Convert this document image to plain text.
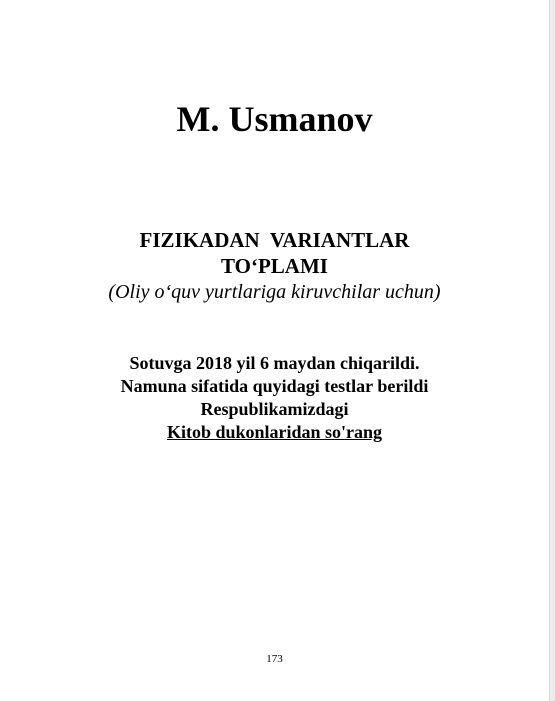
M. Usmanov
FIZIKADAN  VARIANTLAR
TO‘PLAMI
(Oliy o‘quv yurtlariga kiruvchilar uchun)
Sotuvga 2018 yil 6 maydan chiqarildi.
Namuna sifatida quyidagi testlar berildi
Respublikamizdagi
Kitob dukonlaridan so'rang
173
